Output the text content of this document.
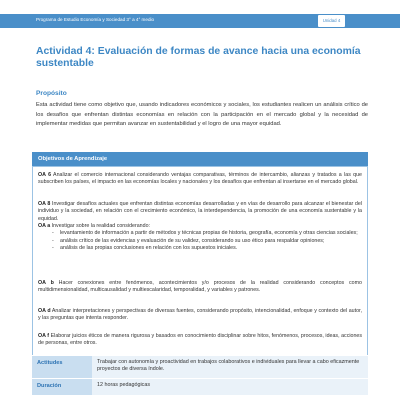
Programa de Estudio Economía y Sociedad 3° a 4° medio	Unidad 4
Actividad 4: Evaluación de formas de avance hacia una economía sustentable
Propósito
Esta actividad tiene como objetivo que, usando indicadores económicos y sociales, los estudiantes realicen un análisis crítico de los desafíos que enfrentan distintas economías en relación con la participación en el mercado global y la necesidad de implementar medidas que permitan avanzar en sustentabilidad y el logro de una mayor equidad.
Objetivos de Aprendizaje
OA 6 Analizar el comercio internacional considerando ventajas comparativas, términos de intercambio, alianzas y tratados a las que subscriben los países, el impacto en las economías locales y nacionales y los desafíos que enfrentan al insertarse en el mercado global.
OA 8 Investigar desafíos actuales que enfrentan distintas economías desarrolladas y en vías de desarrollo para alcanzar el bienestar del individuo y la sociedad, en relación con el crecimiento económico, la interdependencia, la promoción de una economía sustentable y la equidad.
OA a Investigar sobre la realidad considerando:
- levantamiento de información a partir de métodos y técnicas propias de historia, geografía, economía y otras ciencias sociales;
- análisis crítico de las evidencias y evaluación de su validez, considerando su uso ético para respaldar opiniones;
- análisis de las propias conclusiones en relación con los supuestos iniciales.
OA b Hacer conexiones entre fenómenos, acontecimientos y/o procesos de la realidad considerando conceptos como multidimensionalidad, multicausalidad y multiescalaridad, temporalidad, y variables y patrones.
OA d Analizar interpretaciones y perspectivas de diversas fuentes, considerando propósito, intencionalidad, enfoque y contexto del autor, y las preguntas que intenta responder.
OA f Elaborar juicios éticos de manera rigurosa y basados en conocimiento disciplinar sobre hitos, fenómenos, procesos, ideas, acciones de personas, entre otros.
Actitudes	Trabajar con autonomía y proactividad en trabajos colaborativos e individuales para llevar a cabo eficazmente proyectos de diversa índole.
Duración	12 horas pedagógicas
